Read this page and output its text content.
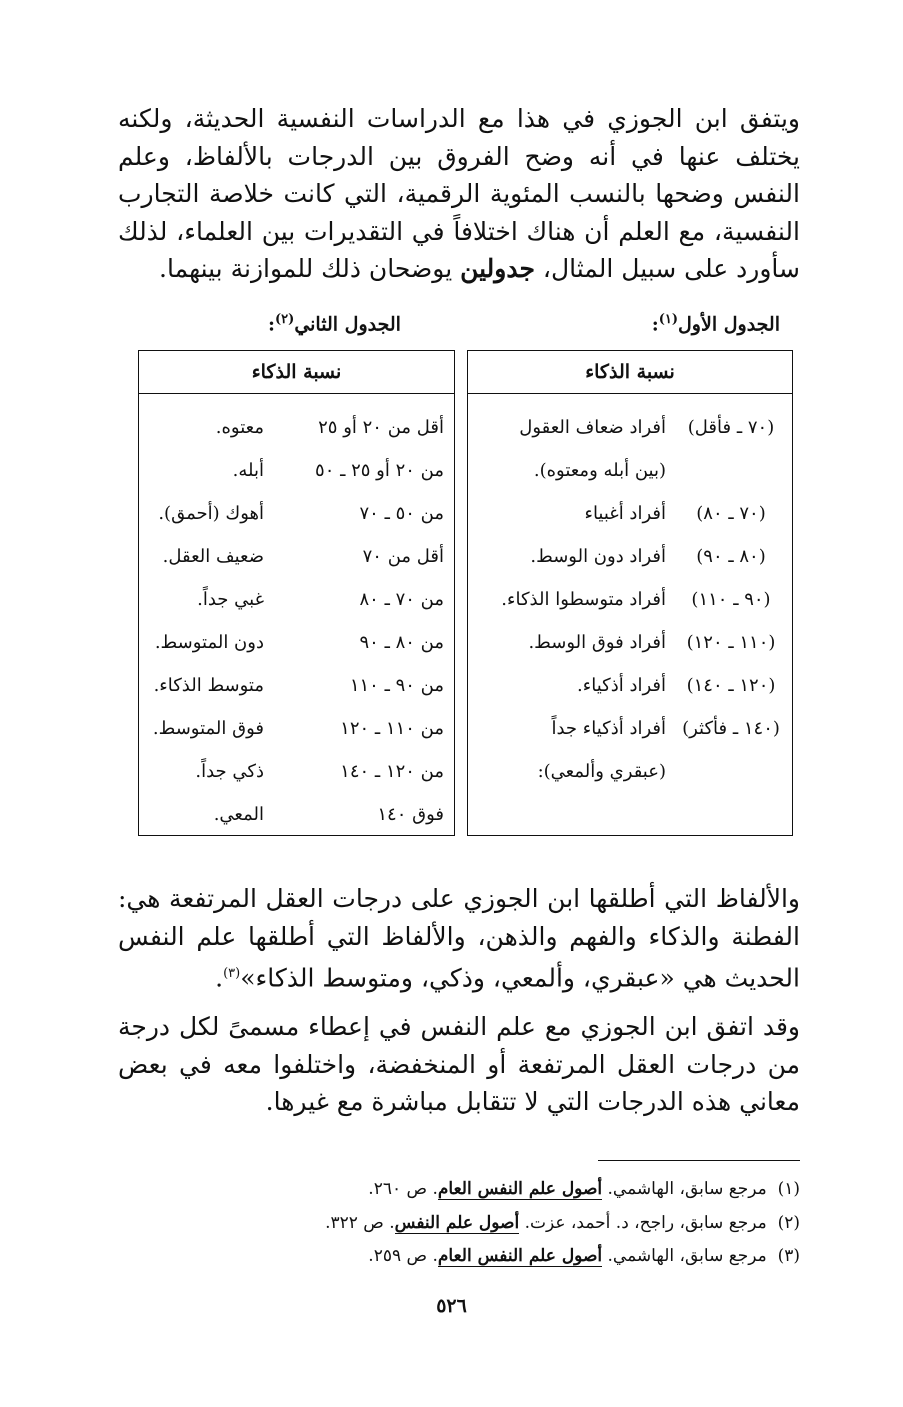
ويتفق ابن الجوزي في هذا مع الدراسات النفسية الحديثة، ولكنه يختلف عنها في أنه وضح الفروق بين الدرجات بالألفاظ، وعلم النفس وضحها بالنسب المئوية الرقمية، التي كانت خلاصة التجارب النفسية، مع العلم أن هناك اختلافاً في التقديرات بين العلماء، لذلك سأورد على سبيل المثال، جدولين يوضحان ذلك للموازنة بينهما.
الجدول الأول$^{(١)}$:
الجدول الثاني$^{(٢)}$:
نسبة الذكاء
(٧٠ ـ فأقل)
أفراد ضعاف العقول
(بين أبله ومعتوه).
(٧٠ ـ ٨٠)
أفراد أغبياء
(٨٠ ـ ٩٠)
أفراد دون الوسط.
(٩٠ ـ ١١٠)
أفراد متوسطوا الذكاء.
(١١٠ ـ ١٢٠)
أفراد فوق الوسط.
(١٢٠ ـ ١٤٠)
أفراد أذكياء.
(١٤٠ ـ فأكثر)
أفراد أذكياء جداً
(عبقري وألمعي):
نسبة الذكاء
أقل من ٢٠ أو ٢٥
معتوه.
من ٢٠ أو ٢٥ ـ ٥٠
أبله.
من ٥٠ ـ ٧٠
أهوك (أحمق).
أقل من ٧٠
ضعيف العقل.
من ٧٠ ـ ٨٠
غبي جداً.
من ٨٠ ـ ٩٠
دون المتوسط.
من ٩٠ ـ ١١٠
متوسط الذكاء.
من ١١٠ ـ ١٢٠
فوق المتوسط.
من ١٢٠ ـ ١٤٠
ذكي جداً.
فوق ١٤٠
المعي.
والألفاظ التي أطلقها ابن الجوزي على درجات العقل المرتفعة هي: الفطنة والذكاء والفهم والذهن، والألفاظ التي أطلقها علم النفس الحديث هي «عبقري، وألمعي، وذكي، ومتوسط الذكاء»$^{(٣)}$.
وقد اتفق ابن الجوزي مع علم النفس في إعطاء مسمىً لكل درجة من درجات العقل المرتفعة أو المنخفضة، واختلفوا معه في بعض معاني هذه الدرجات التي لا تتقابل مباشرة مع غيرها.
(١)  مرجع سابق، الهاشمي. أصول علم النفس العام. ص ٢٦٠.
(٢)  مرجع سابق، راجح، د. أحمد، عزت. أصول علم النفس. ص ٣٢٢.
(٣)  مرجع سابق، الهاشمي. أصول علم النفس العام. ص ٢٥٩.
٥٢٦
